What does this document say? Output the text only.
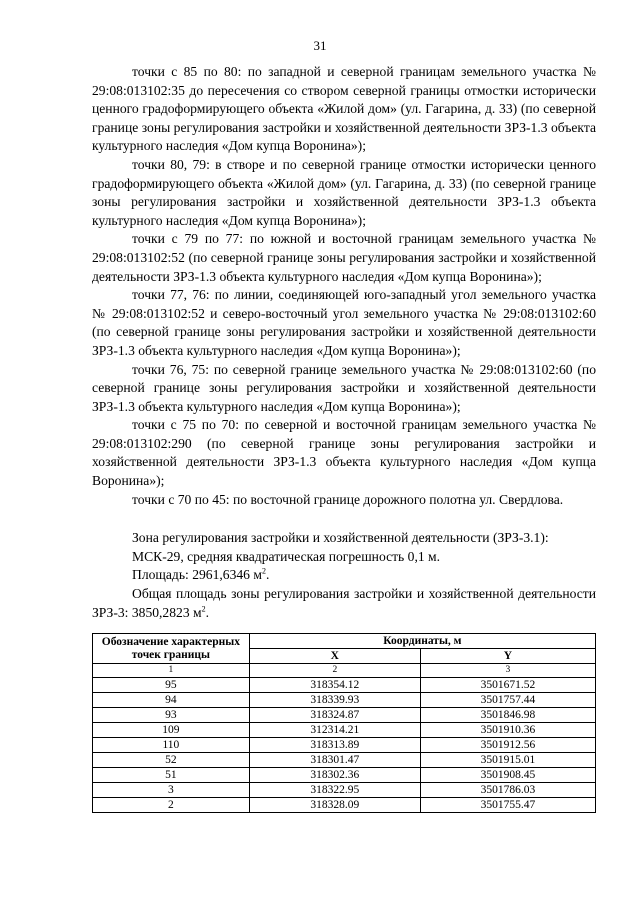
31

точки с 85 по 80: по западной и северной границам земельного участка № 29:08:013102:35 до пересечения со створом северной границы отмостки исторически ценного градоформирующего объекта «Жилой дом» (ул. Гагарина, д. 33) (по северной границе зоны регулирования застройки и хозяйственной деятельности ЗРЗ-1.3 объекта культурного наследия «Дом купца Воронина»);

точки 80, 79: в створе и по северной границе отмостки исторически ценного градоформирующего объекта «Жилой дом» (ул. Гагарина, д. 33) (по северной границе зоны регулирования застройки и хозяйственной деятельности ЗРЗ-1.3 объекта культурного наследия «Дом купца Воронина»);

точки с 79 по 77: по южной и восточной границам земельного участка № 29:08:013102:52 (по северной границе зоны регулирования застройки и хозяйственной деятельности ЗРЗ-1.3 объекта культурного наследия «Дом купца Воронина»);

точки 77, 76: по линии, соединяющей юго-западный угол земельного участка № 29:08:013102:52 и северо-восточный угол земельного участка № 29:08:013102:60 (по северной границе зоны регулирования застройки и хозяйственной деятельности ЗРЗ-1.3 объекта культурного наследия «Дом купца Воронина»);

точки 76, 75: по северной границе земельного участка № 29:08:013102:60 (по северной границе зоны регулирования застройки и хозяйственной деятельности ЗРЗ-1.3 объекта культурного наследия «Дом купца Воронина»);

точки с 75 по 70: по северной и восточной границам земельного участка № 29:08:013102:290 (по северной границе зоны регулирования застройки и хозяйственной деятельности ЗРЗ-1.3 объекта культурного наследия «Дом купца Воронина»);

точки с 70 по 45: по восточной границе дорожного полотна ул. Свердлова.

Зона регулирования застройки и хозяйственной деятельности (ЗРЗ-3.1):

МСК-29, средняя квадратическая погрешность 0,1 м.

Площадь: 2961,6346 $м^2$.

Общая площадь зоны регулирования застройки и хозяйственной деятельности ЗРЗ-3: 3850,2823 $м^2$.

Обозначение характерных точек границы	Координаты, м	
	X	Y
1	2	3
95	318354.12	3501671.52
94	318339.93	3501757.44
93	318324.87	3501846.98
109	312314.21	3501910.36
110	318313.89	3501912.56
52	318301.47	3501915.01
51	318302.36	3501908.45
3	318322.95	3501786.03
2	318328.09	3501755.47
